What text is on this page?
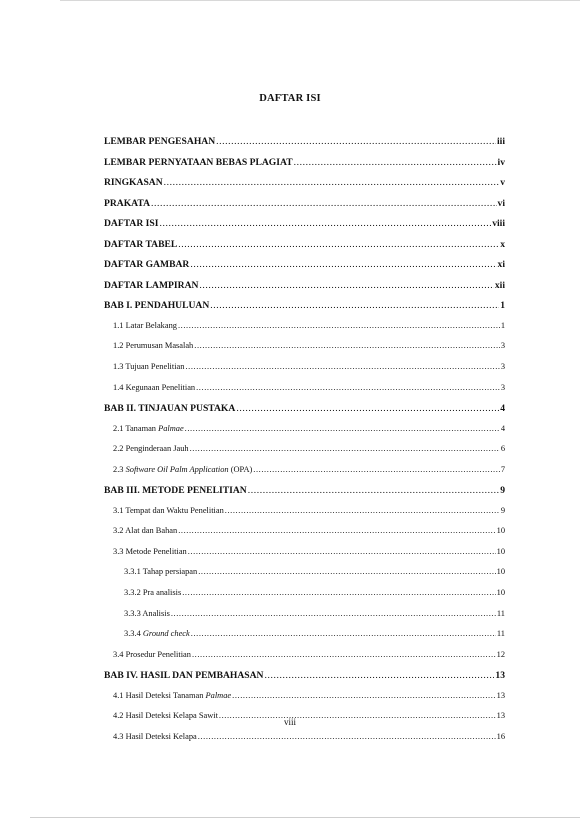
DAFTAR ISI
LEMBAR PENGESAHAN .....	iii
LEMBAR PERNYATAAN BEBAS PLAGIAT .....	iv
RINGKASAN .....	v
PRAKATA .....	vi
DAFTAR ISI .....	viii
DAFTAR TABEL .....	x
DAFTAR GAMBAR .....	xi
DAFTAR LAMPIRAN .....	xii
BAB I. PENDAHULUAN .....	1
1.1 Latar Belakang .....	1
1.2 Perumusan Masalah .....	3
1.3 Tujuan Penelitian .....	3
1.4 Kegunaan Penelitian .....	3
BAB II. TINJAUAN PUSTAKA .....	4
2.1 Tanaman Palmae .....	4
2.2 Penginderaan Jauh .....	6
2.3 Software Oil Palm Application (OPA) .....	7
BAB III. METODE PENELITIAN .....	9
3.1 Tempat dan Waktu Penelitian .....	9
3.2 Alat dan Bahan .....	10
3.3 Metode Penelitian .....	10
3.3.1 Tahap persiapan .....	10
3.3.2 Pra analisis .....	10
3.3.3 Analisis .....	11
3.3.4 Ground check .....	11
3.4 Prosedur Penelitian .....	12
BAB IV. HASIL DAN PEMBAHASAN .....	13
4.1 Hasil Deteksi Tanaman Palmae .....	13
4.2 Hasil Deteksi Kelapa Sawit .....	13
4.3 Hasil Deteksi Kelapa .....	16
viii
